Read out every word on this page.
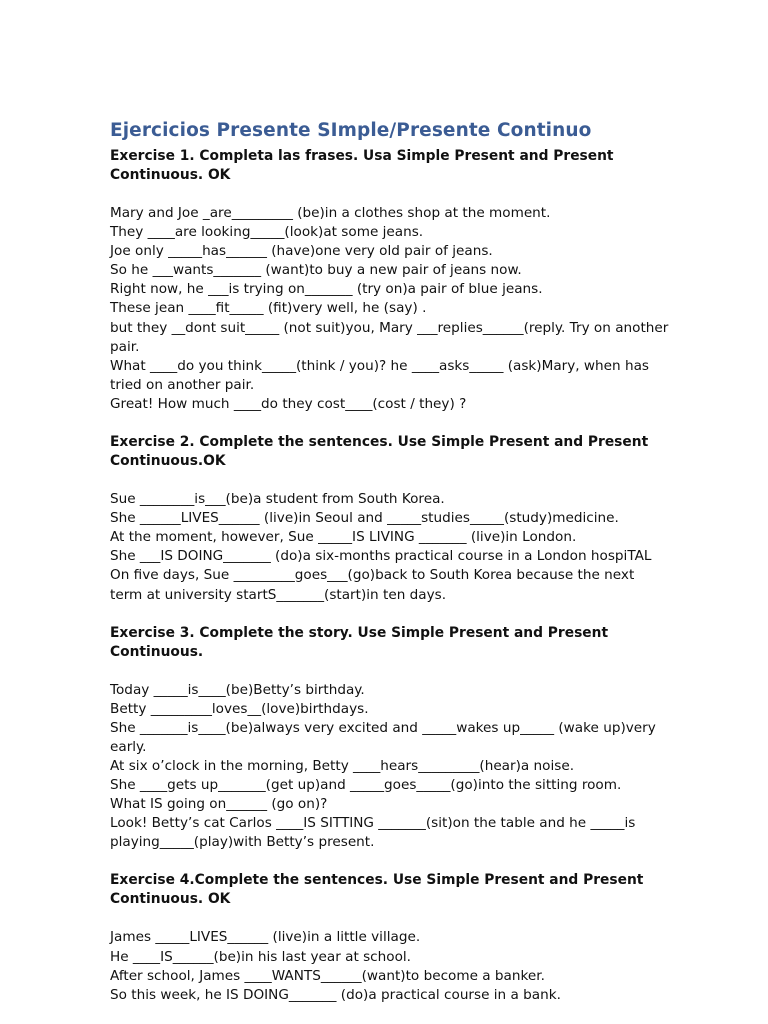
Ejercicios Presente SImple/Presente Continuo

Exercise 1. Completa las frases. Usa Simple Present and Present Continuous. OK

Mary and Joe _are_________ (be)in a clothes shop at the moment.

They ____are looking_____(look)at some jeans.

Joe only _____has______ (have)one very old pair of jeans.

So he ___wants_______ (want)to buy a new pair of jeans now.

Right now, he ___is trying on_______ (try on)a pair of blue jeans.

These jean ____fit_____ (fit)very well, he (say) .

but they __dont suit_____ (not suit)you, Mary ___replies______(reply. Try on another pair.

What ____do you think_____(think / you)? he ____asks_____ (ask)Mary, when has tried on another pair.

Great! How much ____do they cost____(cost / they) ?

Exercise 2. Complete the sentences. Use Simple Present and Present Continuous.OK

Sue ________is___(be)a student from South Korea.

She ______LIVES______ (live)in Seoul and _____studies_____(study)medicine.

At the moment, however, Sue _____IS LIVING _______ (live)in London.

She ___IS DOING_______ (do)a six-months practical course in a London hospiTAL On five days, Sue _________goes___(go)back to South Korea because the next term at university startS_______(start)in ten days.

Exercise 3. Complete the story. Use Simple Present and Present Continuous.

Today _____is____(be)Betty’s birthday.

Betty _________loves__(love)birthdays.

She _______is____(be)always very excited and _____wakes up_____ (wake up)very early.

At six o’clock in the morning, Betty ____hears_________(hear)a noise.

She ____gets up_______(get up)and _____goes_____(go)into the sitting room.

What IS going on______ (go on)?

Look! Betty’s cat Carlos ____IS SITTING _______(sit)on the table and he _____is playing_____(play)with Betty’s present.

Exercise 4.Complete the sentences. Use Simple Present and Present Continuous. OK

James _____LIVES______ (live)in a little village.

He ____IS______(be)in his last year at school.

After school, James ____WANTS______(want)to become a banker.

So this week, he IS DOING_______ (do)a practical course in a bank.
